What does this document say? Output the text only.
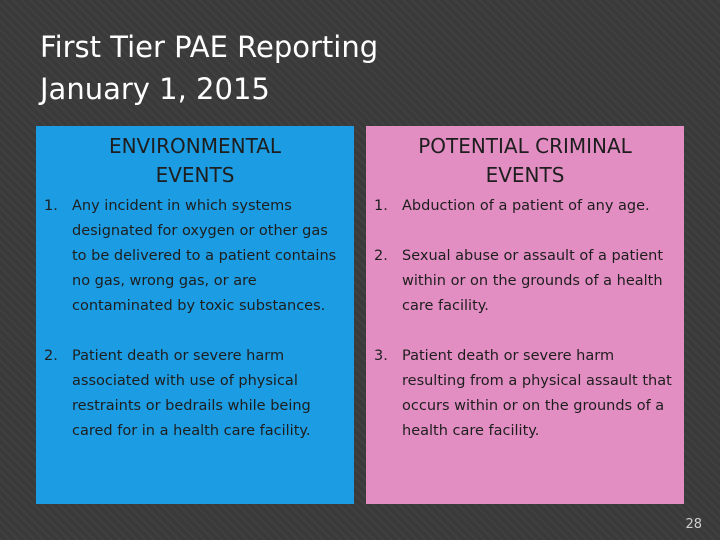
First Tier PAE Reporting
January 1, 2015
ENVIRONMENTAL
EVENTS
1. Any incident in which systems designated for oxygen or other gas to be delivered to a patient contains no gas, wrong gas, or are contaminated by toxic substances.
2. Patient death or severe harm associated with use of physical restraints or bedrails while being cared for in a health care facility.
POTENTIAL CRIMINAL
EVENTS
1. Abduction of a patient of any age.
2. Sexual abuse or assault of a patient within or on the grounds of a health care facility.
3. Patient death or severe harm resulting from a physical assault that occurs within or on the grounds of a health care facility.
28
